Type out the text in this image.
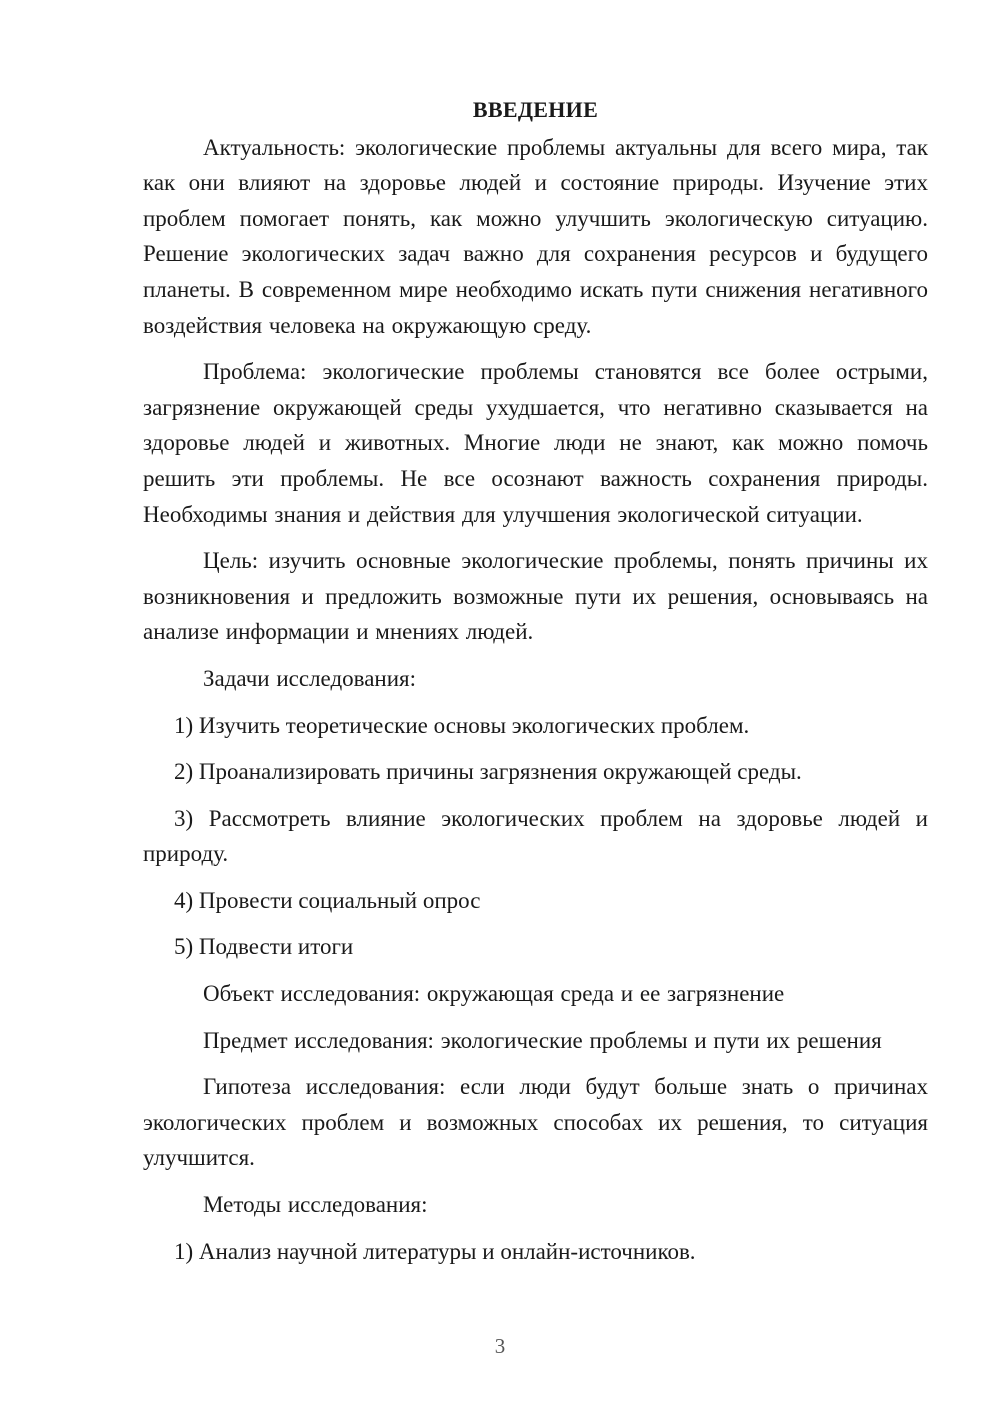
ВВЕДЕНИЕ

Актуальность: экологические проблемы актуальны для всего мира, так как они влияют на здоровье людей и состояние природы. Изучение этих проблем помогает понять, как можно улучшить экологическую ситуацию. Решение экологических задач важно для сохранения ресурсов и будущего планеты. В современном мире необходимо искать пути снижения негативного воздействия человека на окружающую среду.

Проблема: экологические проблемы становятся все более острыми, загрязнение окружающей среды ухудшается, что негативно сказывается на здоровье людей и животных. Многие люди не знают, как можно помочь решить эти проблемы. Не все осознают важность сохранения природы. Необходимы знания и действия для улучшения экологической ситуации.

Цель: изучить основные экологические проблемы, понять причины их возникновения и предложить возможные пути их решения, основываясь на анализе информации и мнениях людей.

Задачи исследования:

1) Изучить теоретические основы экологических проблем.

2) Проанализировать причины загрязнения окружающей среды.

3) Рассмотреть влияние экологических проблем на здоровье людей и природу.

4) Провести социальный опрос

5) Подвести итоги

Объект исследования: окружающая среда и ее загрязнение

Предмет исследования: экологические проблемы и пути их решения

Гипотеза исследования: если люди будут больше знать о причинах экологических проблем и возможных способах их решения, то ситуация улучшится.

Методы исследования:

1) Анализ научной литературы и онлайн-источников.

3
